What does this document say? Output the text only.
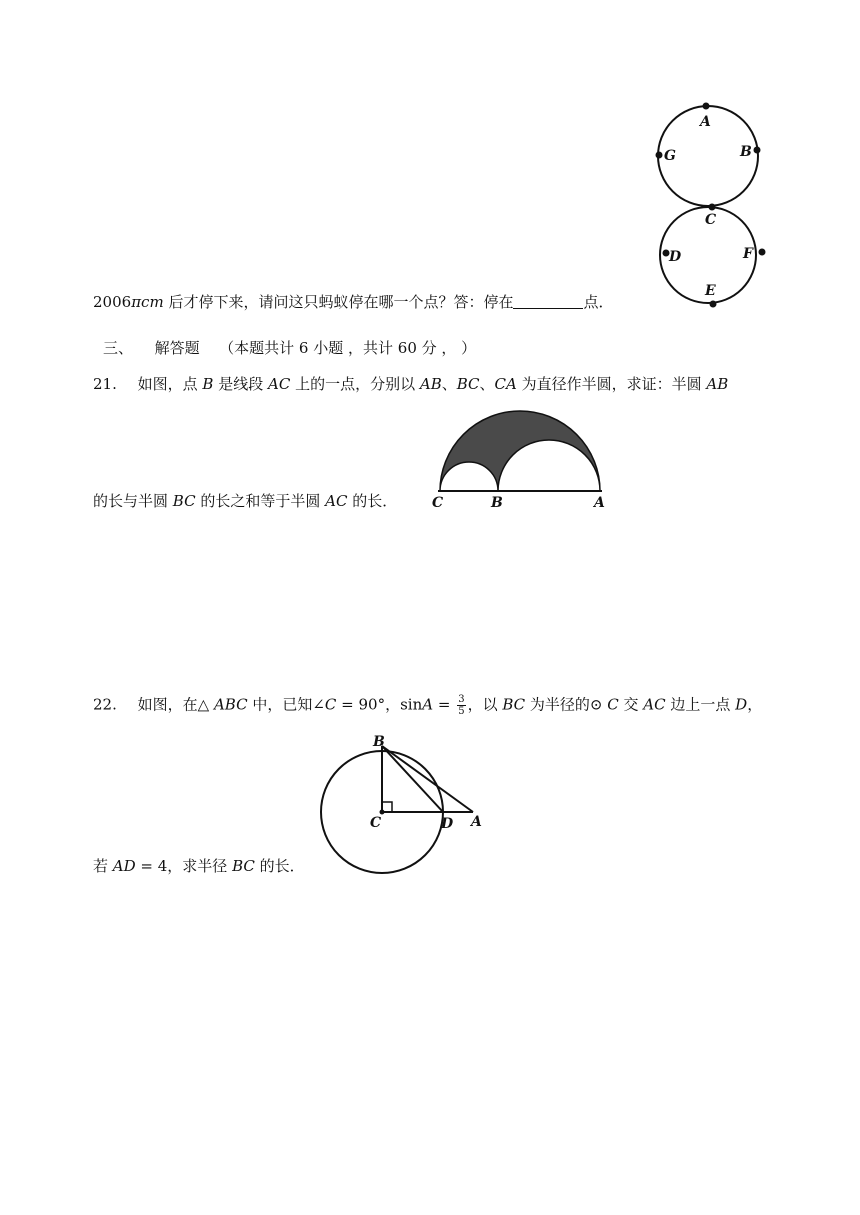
A
B
C
D
E
F
G
2006πcm 后才停下来，请问这只蚂蚁停在哪一个点？答：停在	点．
三、 解答题 （本题共计 6 小题 ，共计 60 分 ， ）
21. 如图，点 B 是线段 AC 上的一点，分别以 AB、BC、CA 为直径作半圆，求证：半圆 AB
C	B	A
的长与半圆 BC 的长之和等于半圆 AC 的长．
22. 如图，在△ ABC 中，已知∠C = 90°，$\sin A = \frac{3}{5}$ ，以 BC 为半径的⊙ C 交 AC 边上一点 D，
B
C	D A
若 AD = 4，求半径 BC 的长．
